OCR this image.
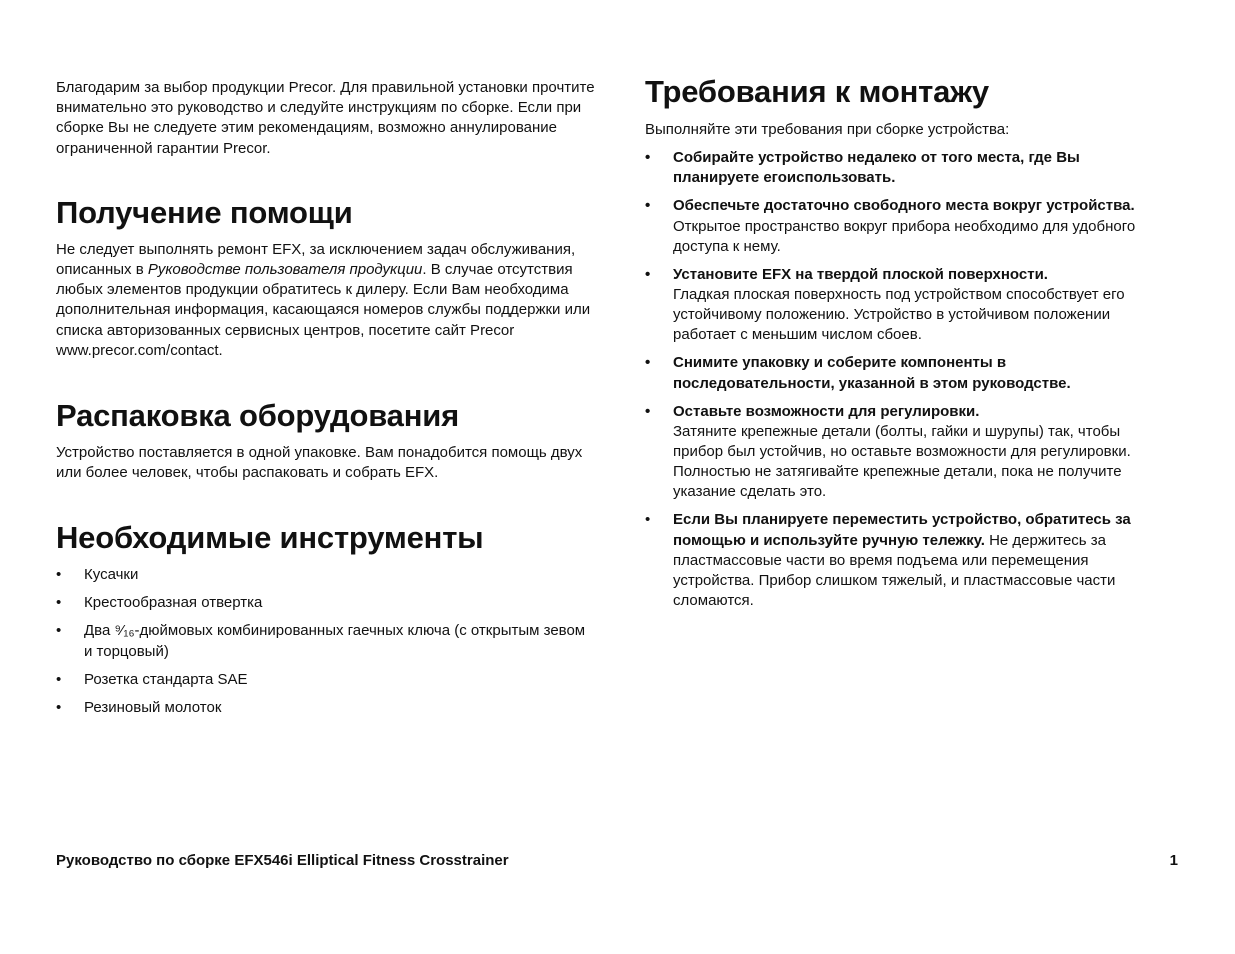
Благодарим за выбор продукции Precor. Для правильной установки прочтите внимательно это руководство и следуйте инструкциям по сборке. Если при сборке Вы не следуете этим рекомендациям, возможно аннулирование ограниченной гарантии Precor.

Получение помощи

Не следует выполнять ремонт EFX, за исключением задач обслуживания, описанных в Руководстве пользователя продукции. В случае отсутствия любых элементов продукции обратитесь к дилеру. Если Вам необходима дополнительная информация, касающаяся номеров службы поддержки или списка авторизованных сервисных центров, посетите сайт Precor www.precor.com/contact.

Распаковка оборудования

Устройство поставляется в одной упаковке. Вам понадобится помощь двух или более человек, чтобы распаковать и собрать EFX.

Необходимые инструменты
• Кусачки
• Крестообразная отвертка
• Два ⁹⁄₁₆-дюймовых комбинированных гаечных ключа (с открытым зевом и торцовый)
• Розетка стандарта SAE
• Резиновый молоток
Требования к монтажу

Выполняйте эти требования при сборке устройства:

• Собирайте устройство недалеко от того места, где Вы планируете егоиспользовать.
• Обеспечьте достаточно свободного места вокруг устройства.
Открытое пространство вокруг прибора необходимо для удобного доступа к нему.
• Установите EFX на твердой плоской поверхности.
Гладкая плоская поверхность под устройством способствует его устойчивому положению. Устройство в устойчивом положении работает с меньшим числом сбоев.
• Снимите упаковку и соберите компоненты в последовательности, указанной в этом руководстве.
• Оставьте возможности для регулировки.
Затяните крепежные детали (болты, гайки и шурупы) так, чтобы прибор был устойчив, но оставьте возможности для регулировки. Полностью не затягивайте крепежные детали, пока не получите указание сделать это.
• Если Вы планируете переместить устройство, обратитесь за помощью и используйте ручную тележку. Не держитесь за пластмассовые части во время подъема или перемещения устройства. Прибор слишком тяжелый, и пластмассовые части сломаются.
Руководство по сборке EFX546i Elliptical Fitness Crosstrainer	1
